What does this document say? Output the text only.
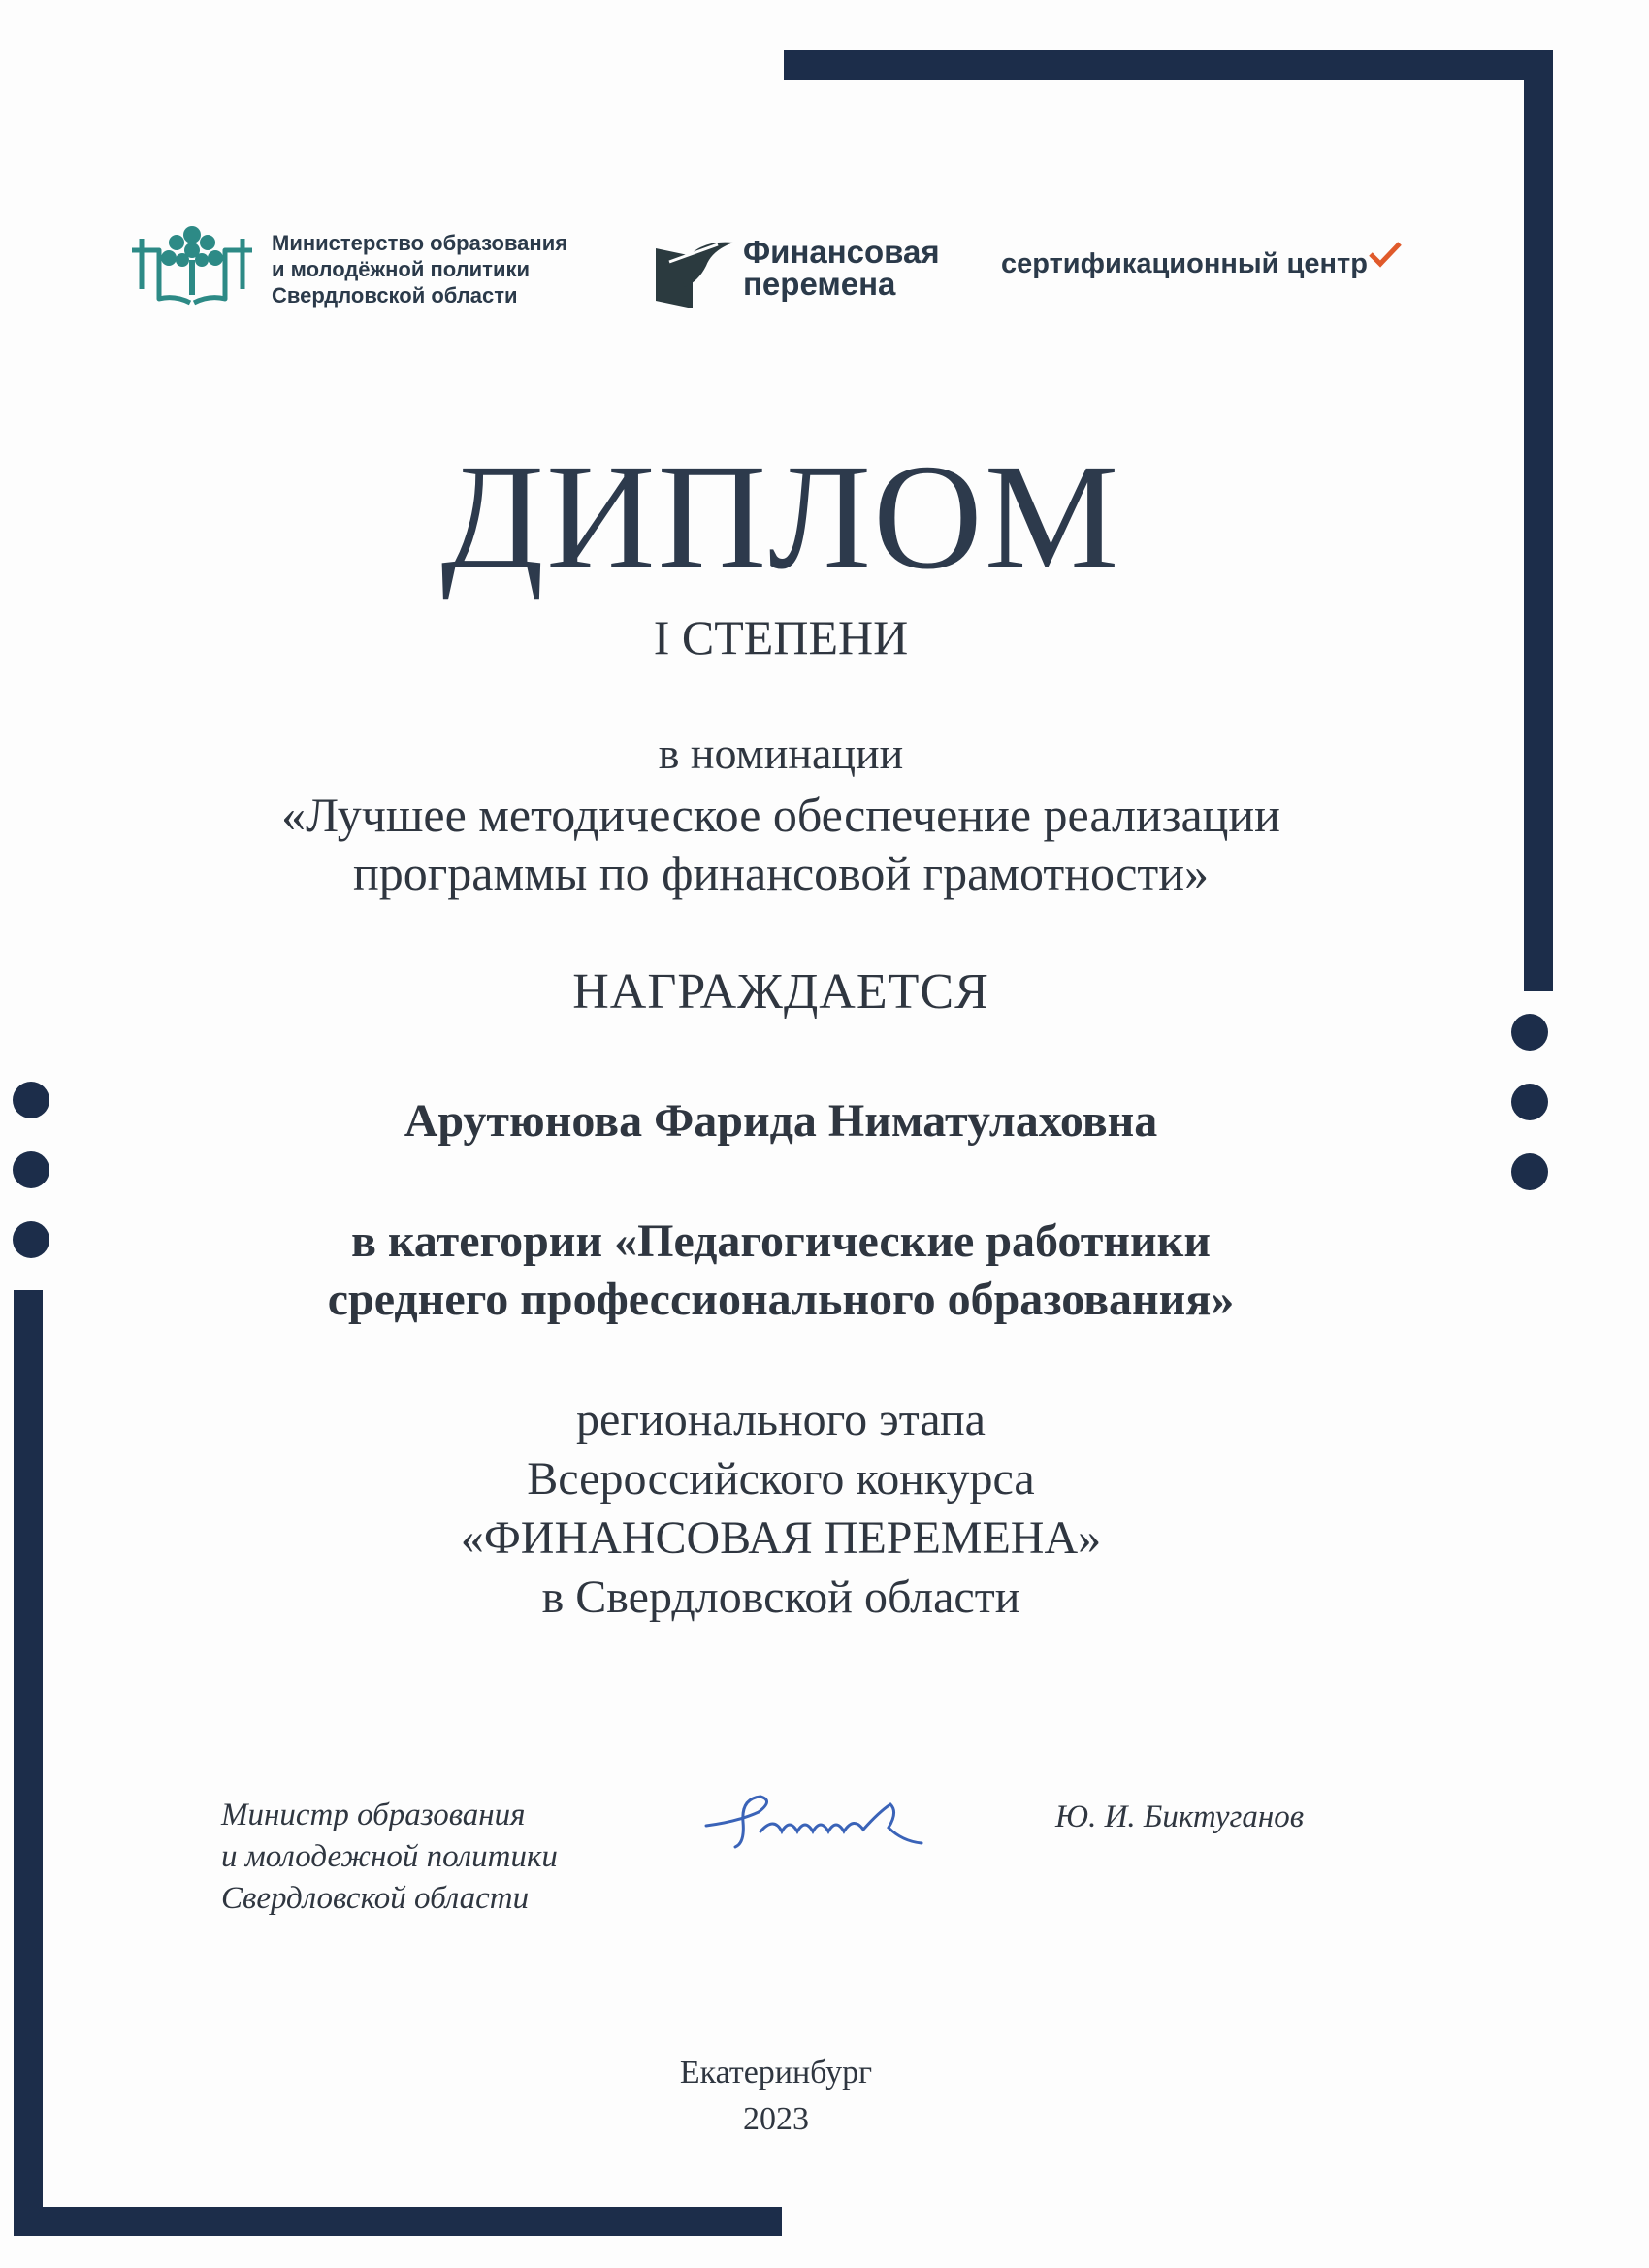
Министерство образования
и молодёжной политики
Свердловской области
Финансовая
перемена
сертификационный центр
ДИПЛОМ
I СТЕПЕНИ
в номинации
«Лучшее методическое обеспечение реализации
программы по финансовой грамотности»
НАГРАЖДАЕТСЯ
Арутюнова Фарида Ниматулаховна
в категории «Педагогические работники
среднего профессионального образования»
регионального этапа
Всероссийского конкурса
«ФИНАНСОВАЯ ПЕРЕМЕНА»
в Свердловской области
Министр образования
и молодежной политики
Свердловской области
Ю. И. Биктуганов
Екатеринбург
2023
